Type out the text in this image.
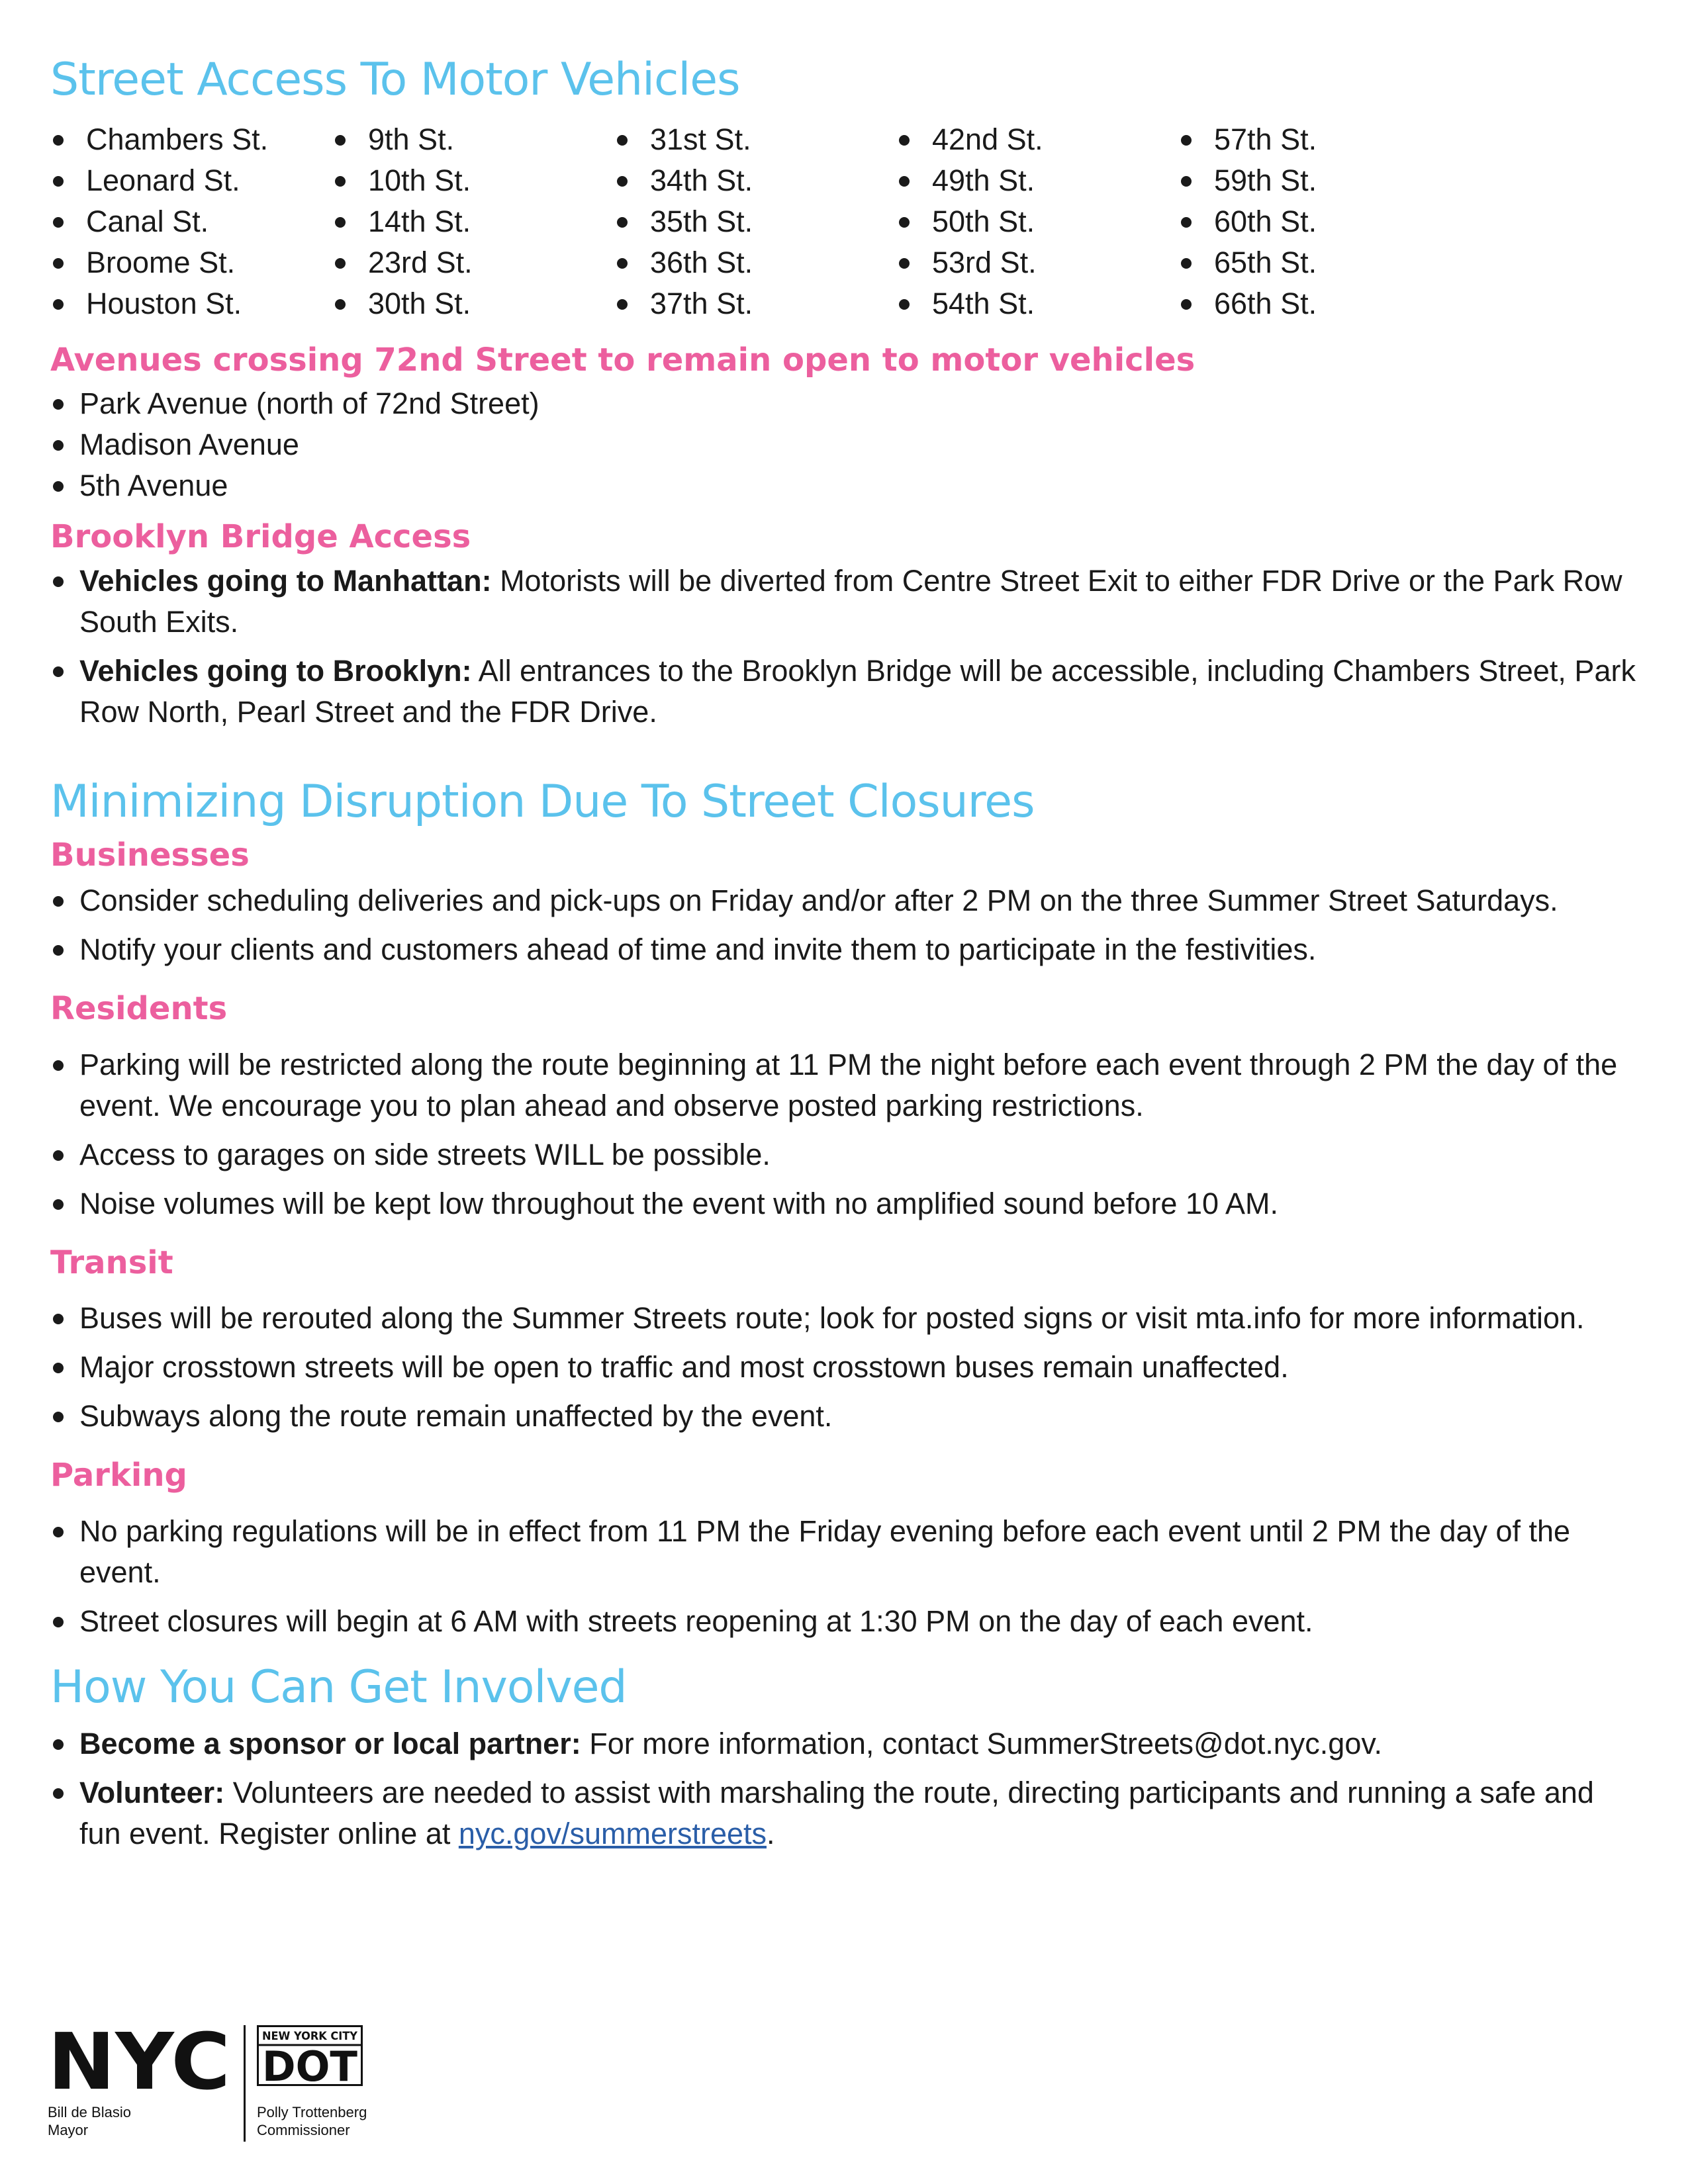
Street Access To Motor Vehicles
Chambers St.
Leonard St.
Canal St.
Broome St.
Houston St.
9th St.
10th St.
14th St.
23rd St.
30th St.
31st St.
34th St.
35th St.
36th St.
37th St.
42nd St.
49th St.
50th St.
53rd St.
54th St.
57th St.
59th St.
60th St.
65th St.
66th St.
Avenues crossing 72nd Street to remain open to motor vehicles
Park Avenue (north of 72nd Street)
Madison Avenue
5th Avenue
Brooklyn Bridge Access
Vehicles going to Manhattan: Motorists will be diverted from Centre Street Exit to either FDR Drive or the Park Row South Exits.
Vehicles going to Brooklyn: All entrances to the Brooklyn Bridge will be accessible, including Chambers Street, Park Row North, Pearl Street and the FDR Drive.
Minimizing Disruption Due To Street Closures
Businesses
Consider scheduling deliveries and pick-ups on Friday and/or after 2 PM on the three Summer Street Saturdays.
Notify your clients and customers ahead of time and invite them to participate in the festivities.
Residents
Parking will be restricted along the route beginning at 11 PM the night before each event through 2 PM the day of the event. We encourage you to plan ahead and observe posted parking restrictions.
Access to garages on side streets WILL be possible.
Noise volumes will be kept low throughout the event with no amplified sound before 10 AM.
Transit
Buses will be rerouted along the Summer Streets route; look for posted signs or visit mta.info for more information.
Major crosstown streets will be open to traffic and most crosstown buses remain unaffected.
Subways along the route remain unaffected by the event.
Parking
No parking regulations will be in effect from 11 PM the Friday evening before each event until 2 PM the day of the event.
Street closures will begin at 6 AM with streets reopening at 1:30 PM on the day of each event.
How You Can Get Involved
Become a sponsor or local partner: For more information, contact SummerStreets@dot.nyc.gov.
Volunteer: Volunteers are needed to assist with marshaling the route, directing participants and running a safe and fun event. Register online at nyc.gov/summerstreets.
NYC
Bill de Blasio
Mayor
NEW YORK CITY
DOT
Polly Trottenberg
Commissioner
